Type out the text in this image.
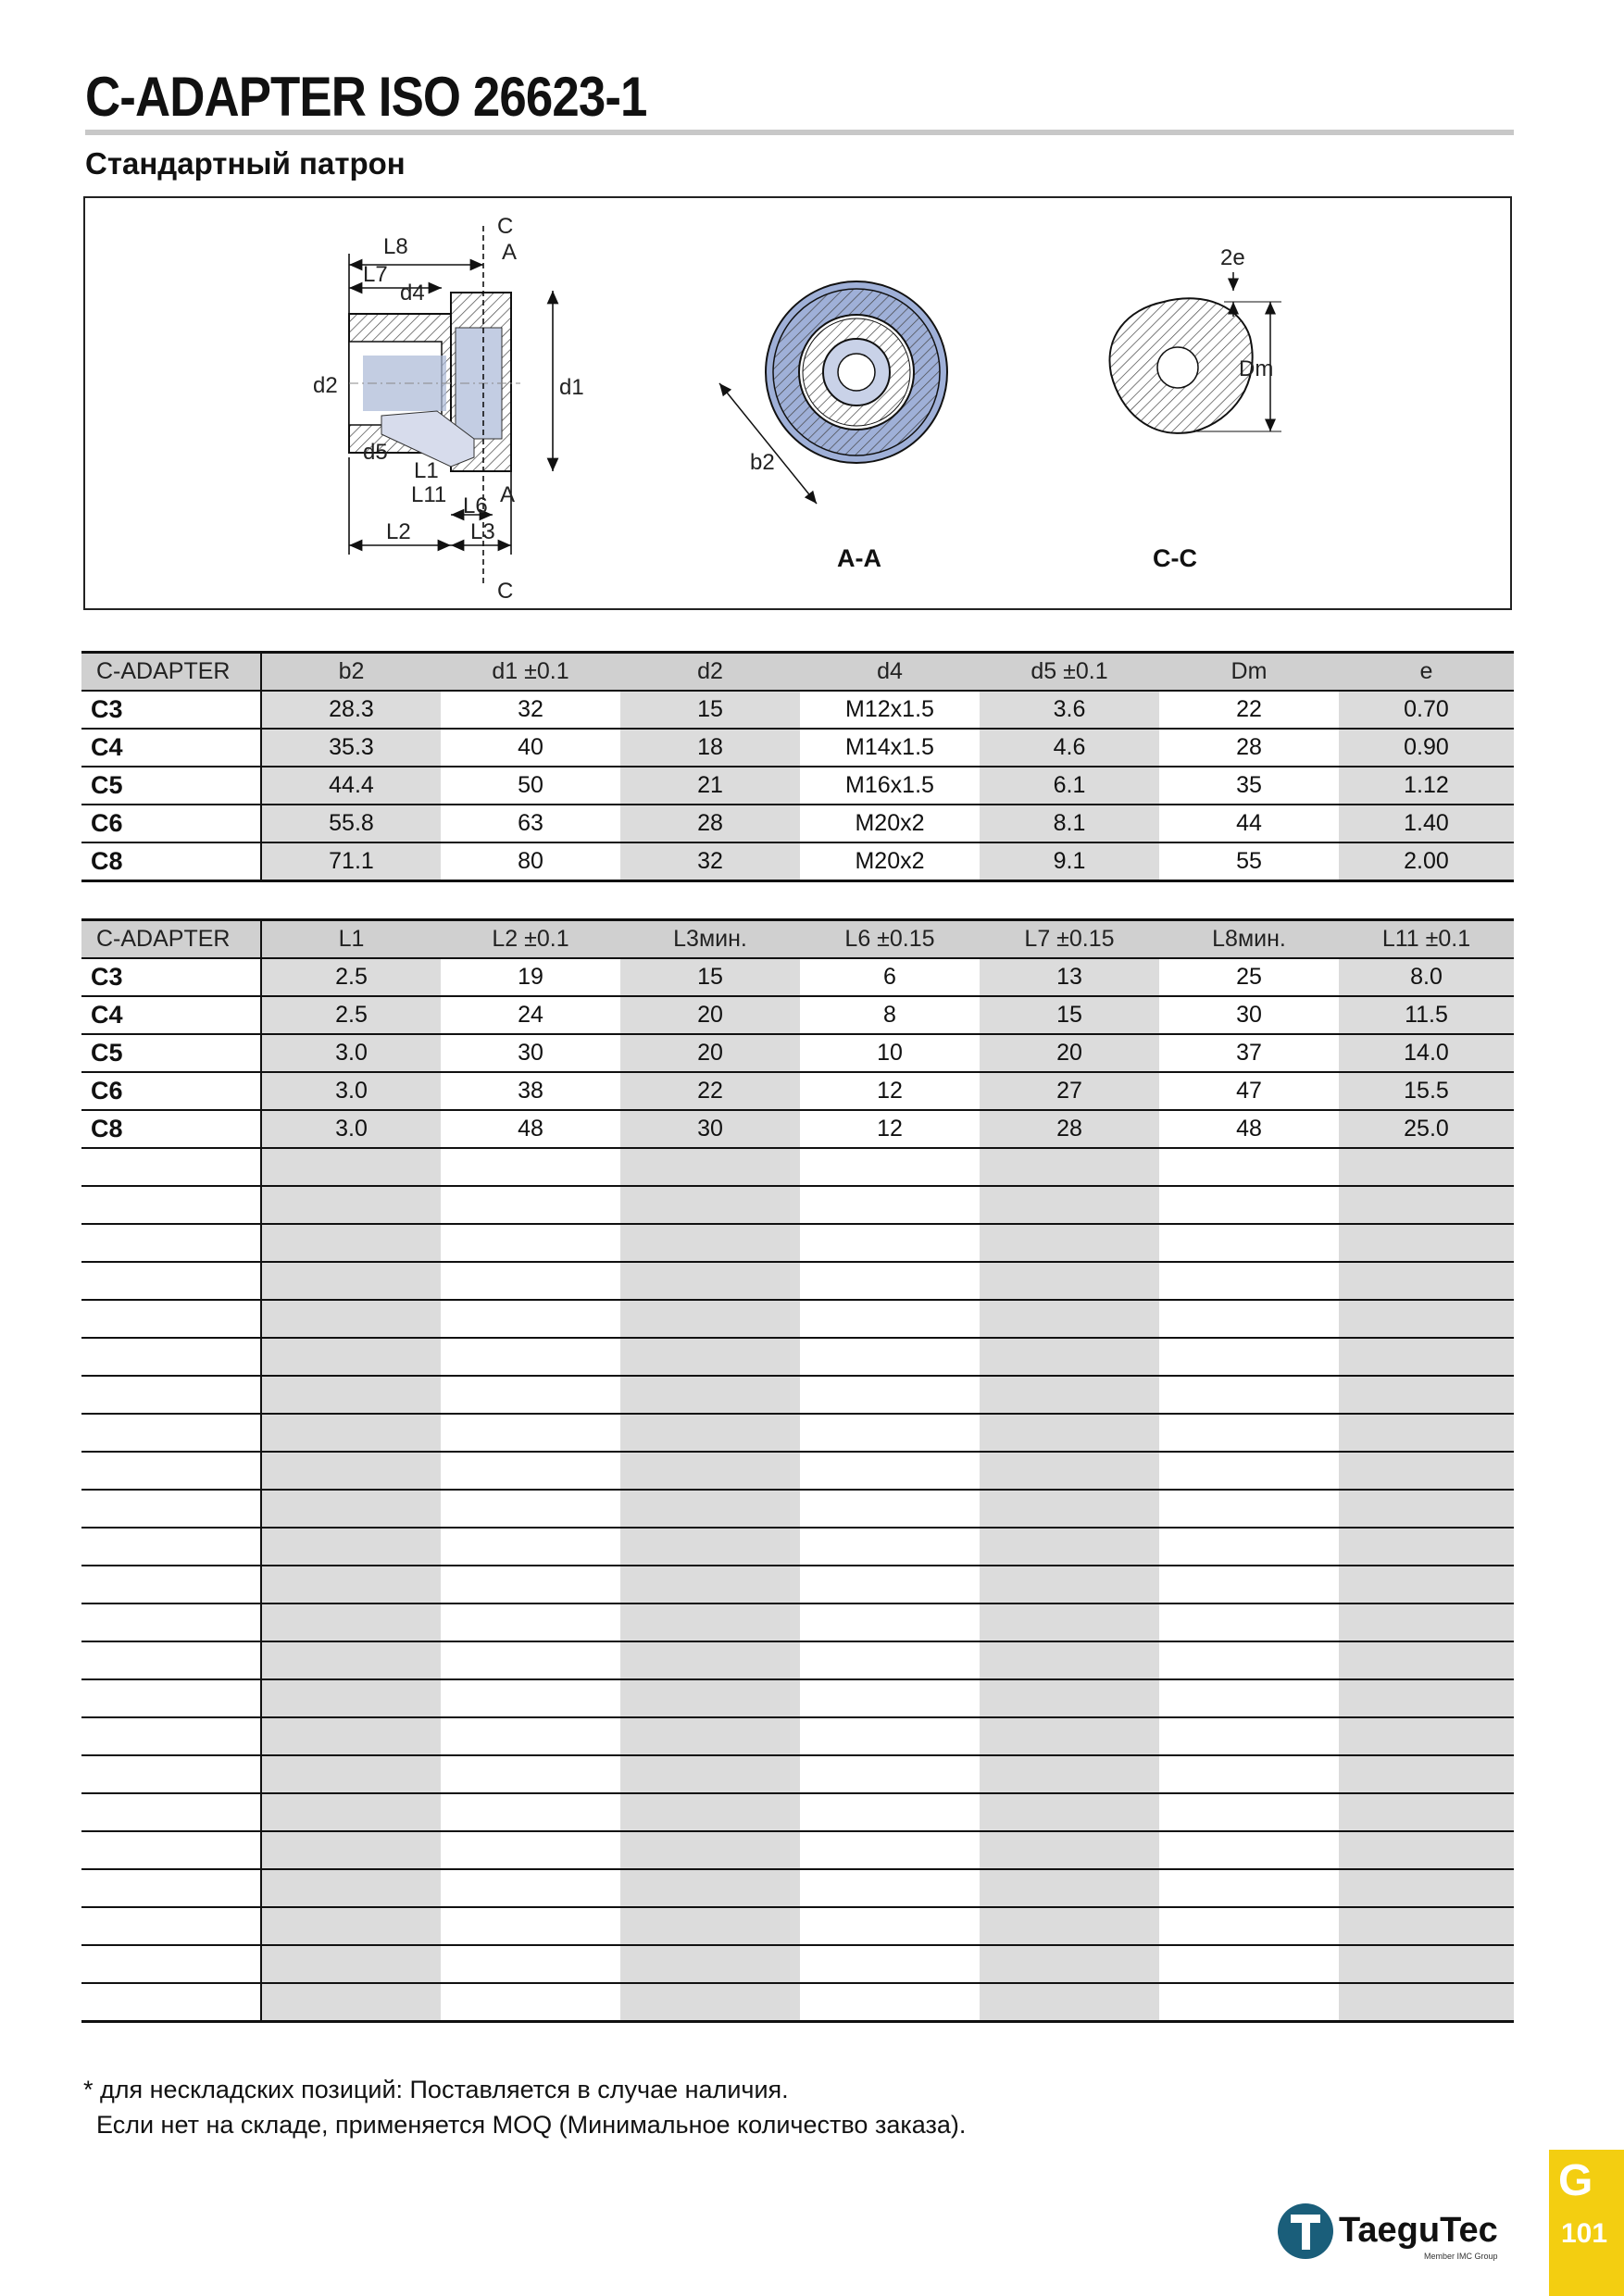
C-ADAPTER ISO 26623-1
Стандартный патрон
L8
C
A
L7
d4
d2	d1
d5
L1
L11 L6 A
L2	L3
C
b2
A-A
2e
Dm
C-C
C-ADAPTER	b2	d1 ±0.1	d2	d4	d5 ±0.1	Dm	e
C3	28.3	32	15	M12x1.5	3.6	22	0.70
C4	35.3	40	18	M14x1.5	4.6	28	0.90
C5	44.4	50	21	M16x1.5	6.1	35	1.12
C6	55.8	63	28	M20x2	8.1	44	1.40
C8	71.1	80	32	M20x2	9.1	55	2.00
C-ADAPTER	L1	L2 ±0.1	L3мин.	L6 ±0.15	L7 ±0.15	L8мин.	L11 ±0.1
C3	2.5	19	15	6	13	25	8.0
C4	2.5	24	20	8	15	30	11.5
C5	3.0	30	20	10	20	37	14.0
C6	3.0	38	22	12	27	47	15.5
C8	3.0	48	30	12	28	48	25.0

* для нескладских позиций: Поставляется в случае наличия.
Если нет на складе, применяется MOQ (Минимальное количество заказа).
TaeguTec
Member IMC Group
G
101
